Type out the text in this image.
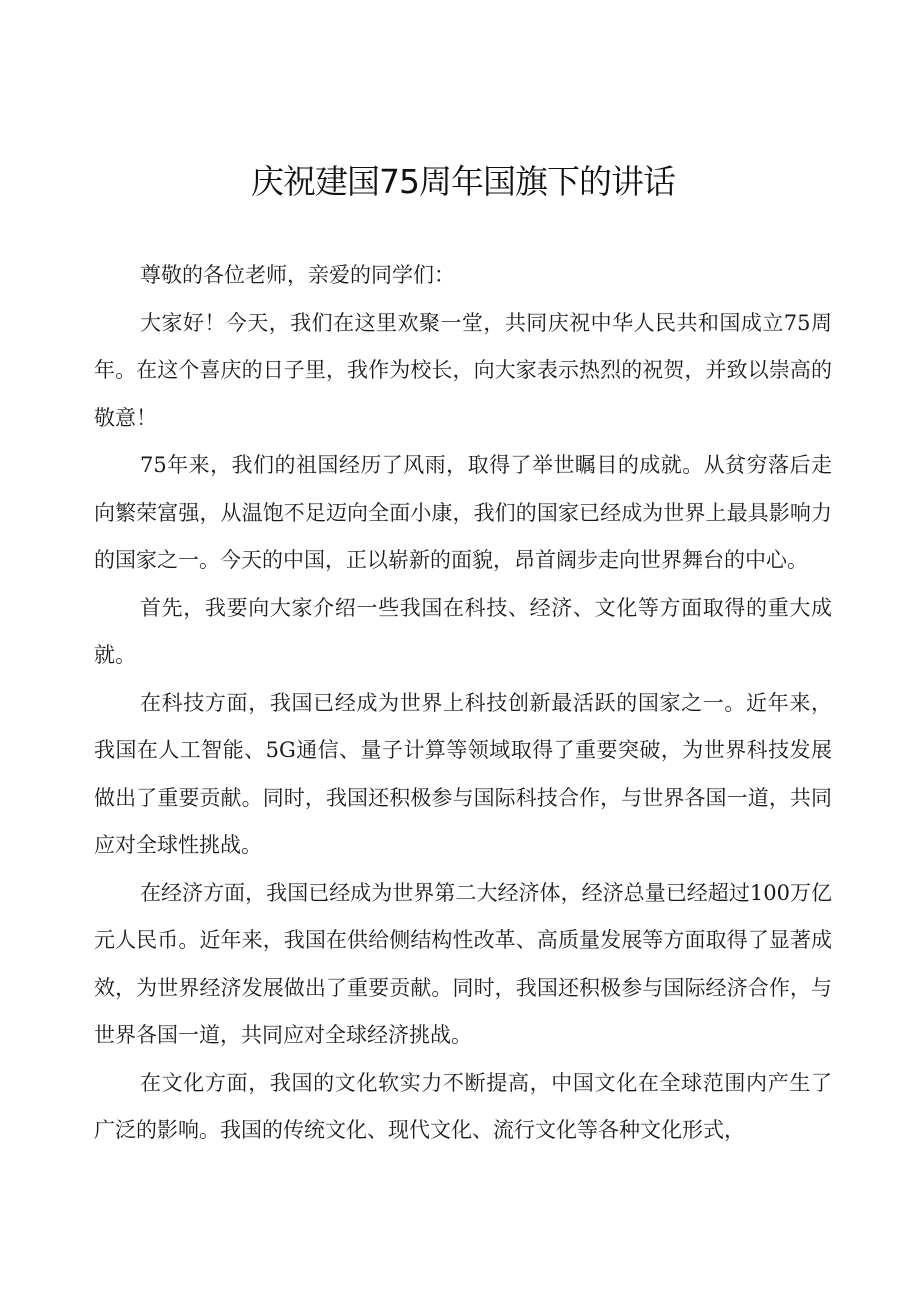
庆祝建国75周年国旗下的讲话

尊敬的各位老师，亲爱的同学们：

大家好！今天，我们在这里欢聚一堂，共同庆祝中华人民共和国成立75周年。在这个喜庆的日子里，我作为校长，向大家表示热烈的祝贺，并致以崇高的敬意！

75年来，我们的祖国经历了风雨，取得了举世瞩目的成就。从贫穷落后走向繁荣富强，从温饱不足迈向全面小康，我们的国家已经成为世界上最具影响力的国家之一。今天的中国，正以崭新的面貌，昂首阔步走向世界舞台的中心。

首先，我要向大家介绍一些我国在科技、经济、文化等方面取得的重大成就。

在科技方面，我国已经成为世界上科技创新最活跃的国家之一。近年来，我国在人工智能、5G通信、量子计算等领域取得了重要突破，为世界科技发展做出了重要贡献。同时，我国还积极参与国际科技合作，与世界各国一道，共同应对全球性挑战。

在经济方面，我国已经成为世界第二大经济体，经济总量已经超过100万亿元人民币。近年来，我国在供给侧结构性改革、高质量发展等方面取得了显著成效，为世界经济发展做出了重要贡献。同时，我国还积极参与国际经济合作，与世界各国一道，共同应对全球经济挑战。

在文化方面，我国的文化软实力不断提高，中国文化在全球范围内产生了广泛的影响。我国的传统文化、现代文化、流行文化等各种文化形式，
